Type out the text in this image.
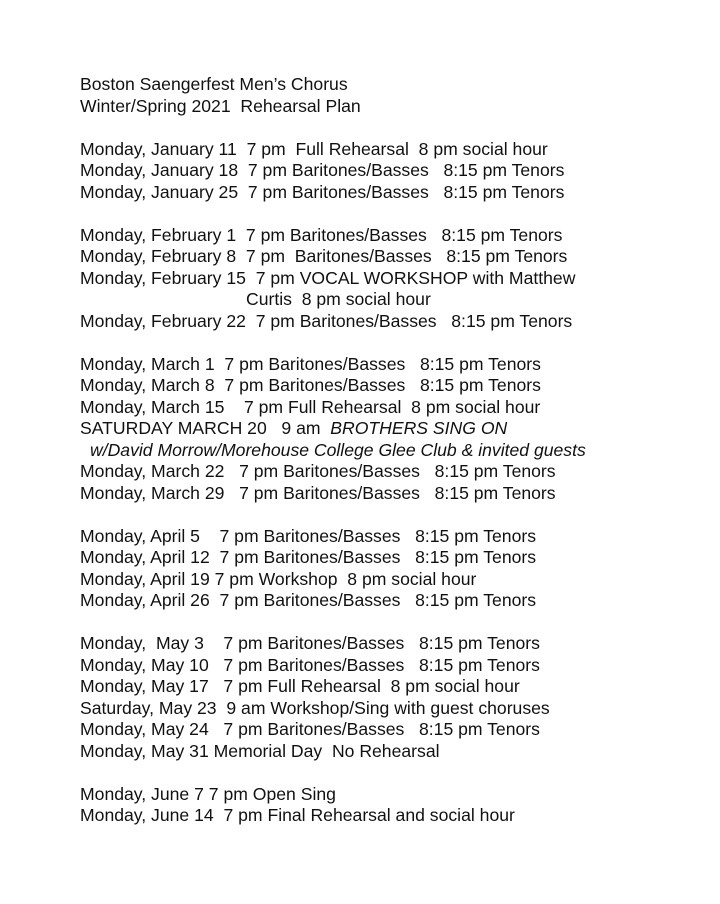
Boston Saengerfest Men’s Chorus
Winter/Spring 2021  Rehearsal Plan
Monday, January 11  7 pm  Full Rehearsal  8 pm social hour
Monday, January 18  7 pm Baritones/Basses   8:15 pm Tenors
Monday, January 25  7 pm Baritones/Basses   8:15 pm Tenors
Monday, February 1  7 pm Baritones/Basses   8:15 pm Tenors
Monday, February 8  7 pm  Baritones/Basses   8:15 pm Tenors
Monday, February 15  7 pm VOCAL WORKSHOP with Matthew
Curtis  8 pm social hour
Monday, February 22  7 pm Baritones/Basses   8:15 pm Tenors
Monday, March 1  7 pm Baritones/Basses   8:15 pm Tenors
Monday, March 8  7 pm Baritones/Basses   8:15 pm Tenors
Monday, March 15    7 pm Full Rehearsal  8 pm social hour
SATURDAY MARCH 20   9 am  BROTHERS SING ON
w/David Morrow/Morehouse College Glee Club & invited guests
Monday, March 22   7 pm Baritones/Basses   8:15 pm Tenors
Monday, March 29   7 pm Baritones/Basses   8:15 pm Tenors
Monday, April 5    7 pm Baritones/Basses   8:15 pm Tenors
Monday, April 12  7 pm Baritones/Basses   8:15 pm Tenors
Monday, April 19 7 pm Workshop  8 pm social hour
Monday, April 26  7 pm Baritones/Basses   8:15 pm Tenors
Monday,  May 3    7 pm Baritones/Basses   8:15 pm Tenors
Monday, May 10   7 pm Baritones/Basses   8:15 pm Tenors
Monday, May 17   7 pm Full Rehearsal  8 pm social hour
Saturday, May 23  9 am Workshop/Sing with guest choruses
Monday, May 24   7 pm Baritones/Basses   8:15 pm Tenors
Monday, May 31 Memorial Day  No Rehearsal
Monday, June 7 7 pm Open Sing
Monday, June 14  7 pm Final Rehearsal and social hour
